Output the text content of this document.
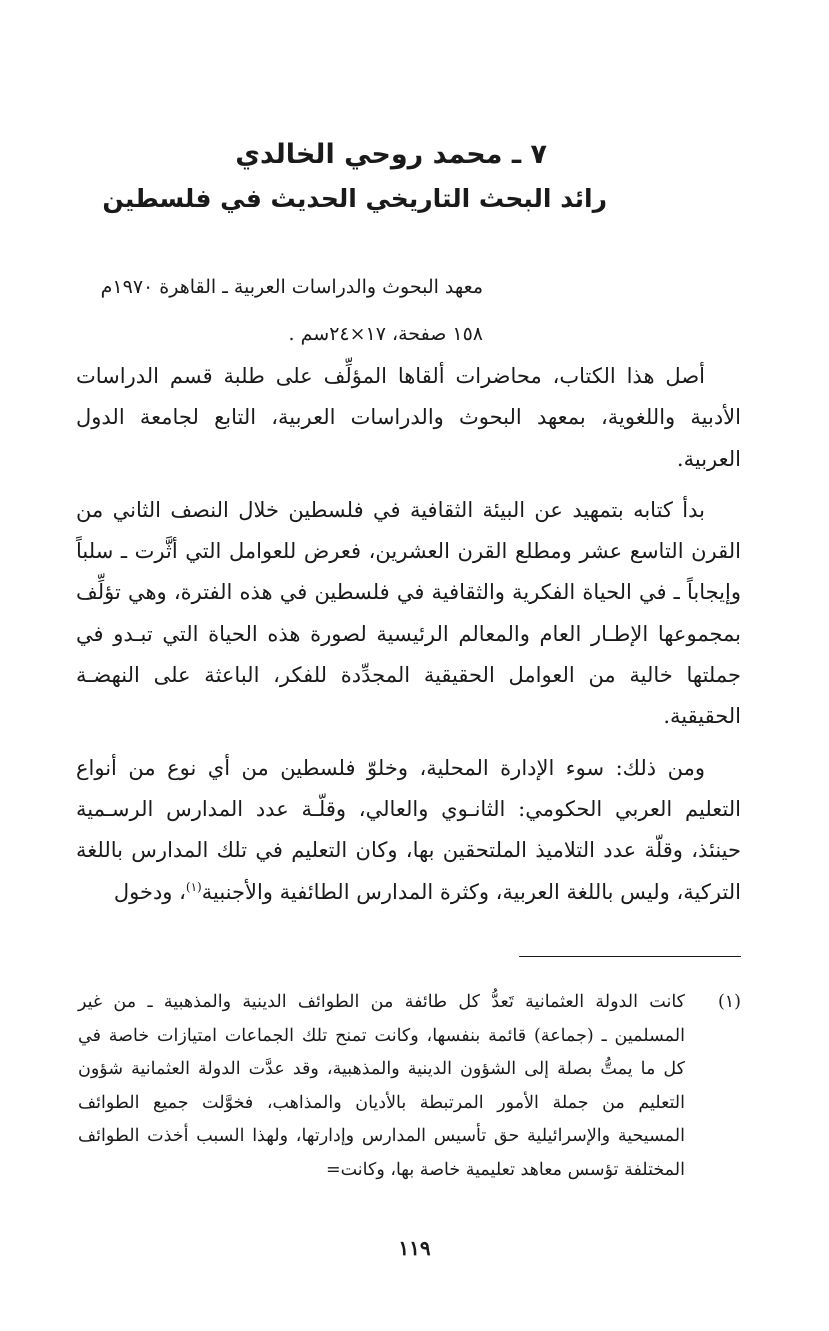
٧ ـ محمد روحي الخالدي
رائد البحث التاريخي الحديث في فلسطين
معهد البحوث والدراسات العربية ـ القاهرة ١٩٧٠م
١٥٨ صفحة، ١٧×٢٤سم .

أصل هذا الكتاب، محاضرات ألقاها المؤلِّف على طلبة قسم الدراسات الأدبية واللغوية، بمعهد البحوث والدراسات العربية، التابع لجامعة الدول العربية.

بدأ كتابه بتمهيد عن البيئة الثقافية في فلسطين خلال النصف الثاني من القرن التاسع عشر ومطلع القرن العشرين، فعرض للعوامل التي أثَّرت ـ سلباً وإيجاباً ـ في الحياة الفكرية والثقافية في فلسطين في هذه الفترة، وهي تؤلِّف بمجموعها الإطـار العام والمعالم الرئيسية لصورة هذه الحياة التي تبـدو في جملتها خالية من العوامل الحقيقية المجدِّدة للفكر، الباعثة على النهضـة الحقيقية.

ومن ذلك: سوء الإدارة المحلية، وخلوّ فلسطين من أي نوع من أنواع التعليم العربي الحكومي: الثانـوي والعالي، وقلّـة عدد المدارس الرسـمية حينئذ، وقلّة عدد التلاميذ الملتحقين بها، وكان التعليم في تلك المدارس باللغة التركية، وليس باللغة العربية، وكثرة المدارس الطائفية والأجنبية$^{(١)}$، ودخول

(١)
كانت الدولة العثمانية تَعدُّ كل طائفة من الطوائف الدينية والمذهبية ـ من غير المسلمين ـ (جماعة) قائمة بنفسها، وكانت تمنح تلك الجماعات امتيازات خاصة في كل ما يمتُّ بصلة إلى الشؤون الدينية والمذهبية، وقد عدَّت الدولة العثمانية شؤون التعليم من جملة الأمور المرتبطة بالأديان والمذاهب، فخوَّلت جميع الطوائف المسيحية والإسرائيلية حق تأسيس المدارس وإدارتها، ولهذا السبب أخذت الطوائف المختلفة تؤسس معاهد تعليمية خاصة بها، وكانت=
١١٩
